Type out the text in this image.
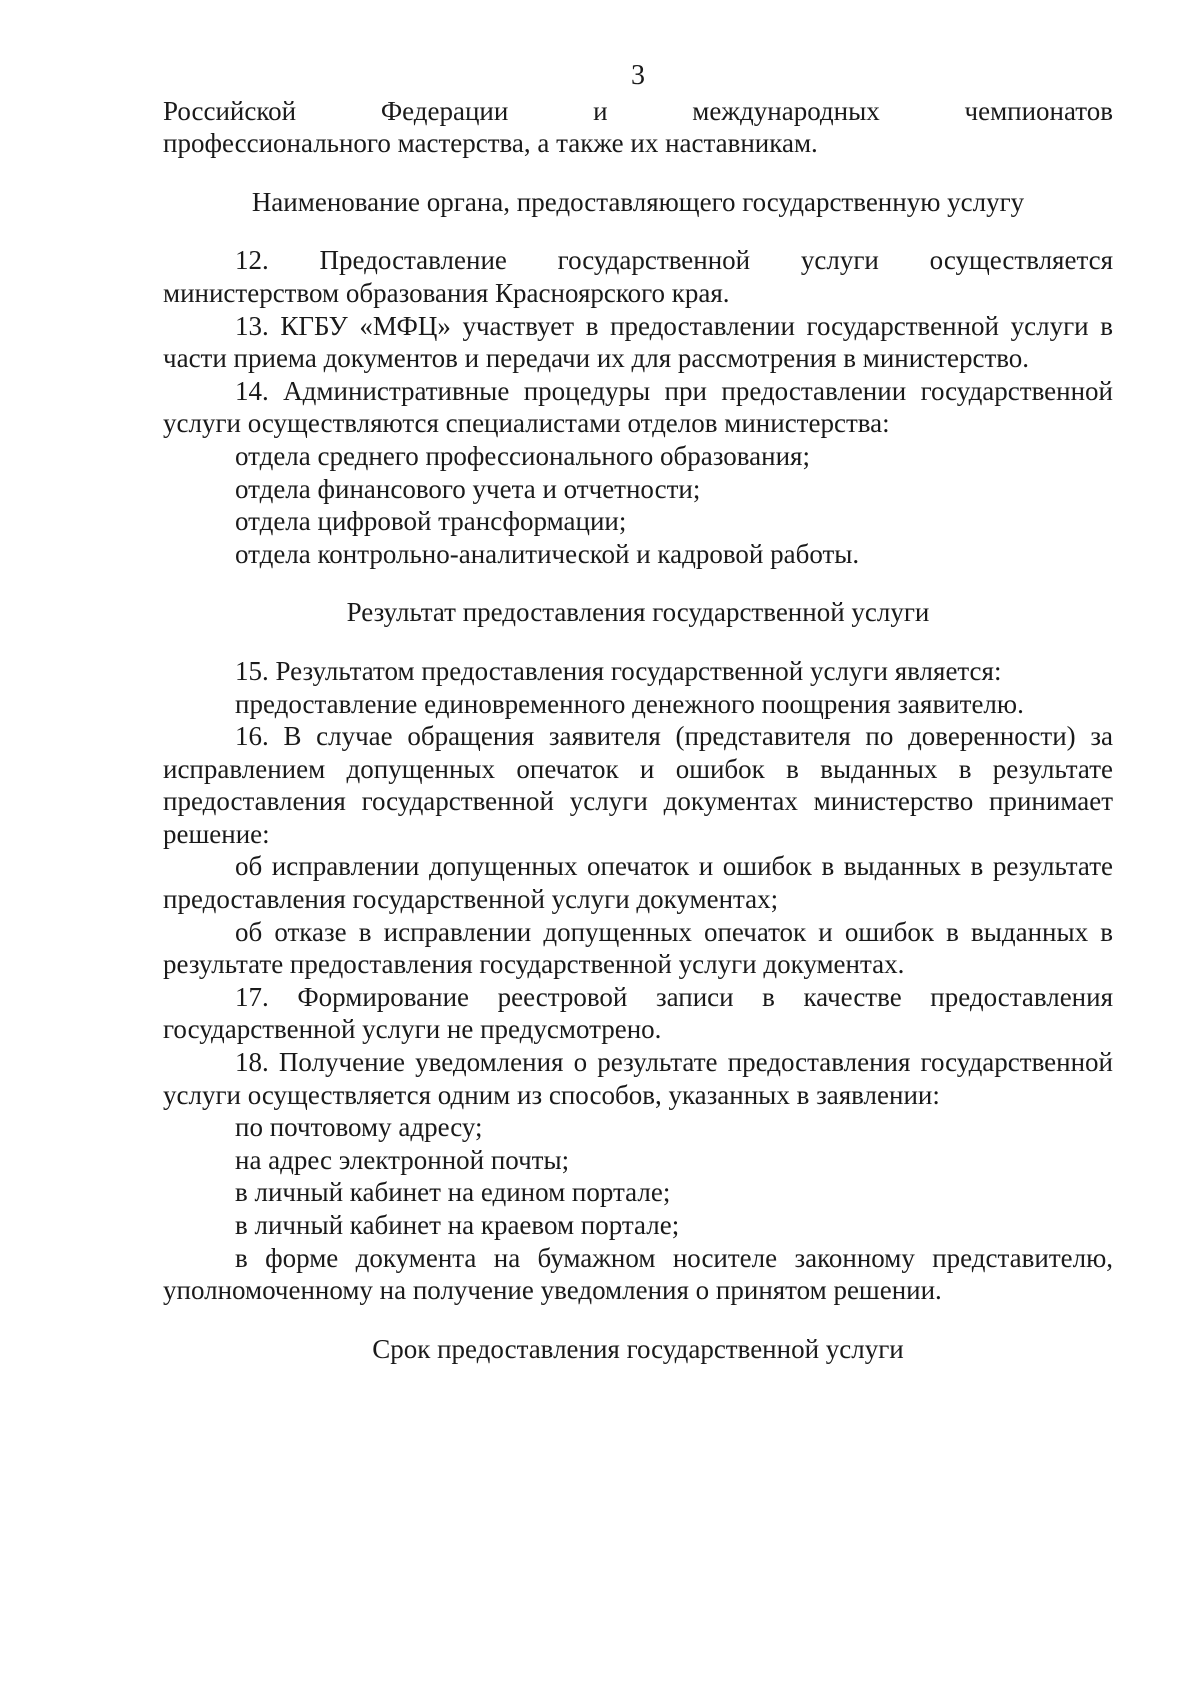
3

Российской Федерации и международных чемпионатов

профессионального мастерства, а также их наставникам.

Наименование органа, предоставляющего государственную услугу

12. Предоставление государственной услуги осуществляется министерством образования Красноярского края.

13. КГБУ «МФЦ» участвует в предоставлении государственной услуги в части приема документов и передачи их для рассмотрения в министерство.

14. Административные процедуры при предоставлении государственной услуги осуществляются специалистами отделов министерства:

отдела среднего профессионального образования;

отдела финансового учета и отчетности;

отдела цифровой трансформации;

отдела контрольно-аналитической и кадровой работы.

Результат предоставления государственной услуги

15. Результатом предоставления государственной услуги является:

предоставление единовременного денежного поощрения заявителю.

16. В случае обращения заявителя (представителя по доверенности) за исправлением допущенных опечаток и ошибок в выданных в результате предоставления государственной услуги документах министерство принимает решение:

об исправлении допущенных опечаток и ошибок в выданных в результате предоставления государственной услуги документах;

об отказе в исправлении допущенных опечаток и ошибок в выданных в результате предоставления государственной услуги документах.

17. Формирование реестровой записи в качестве предоставления государственной услуги не предусмотрено.

18. Получение уведомления о результате предоставления государственной услуги осуществляется одним из способов, указанных в заявлении:

по почтовому адресу;

на адрес электронной почты;

в личный кабинет на едином портале;

в личный кабинет на краевом портале;

в форме документа на бумажном носителе законному представителю, уполномоченному на получение уведомления о принятом решении.

Срок предоставления государственной услуги
